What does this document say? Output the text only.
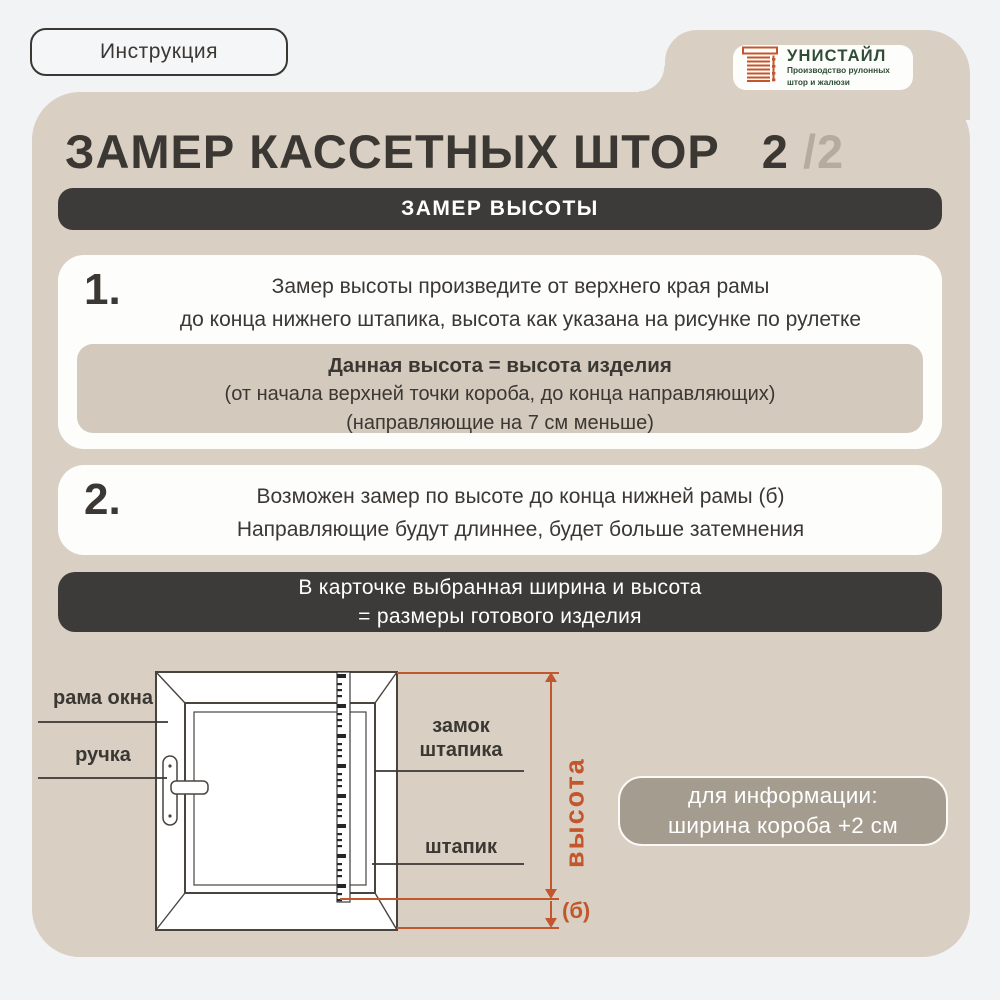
Инструкция	УНИСТАЙЛ
Производство рулонных
штор и жалюзи
ЗАМЕР КАССЕТНЫХ ШТОР 2 /2
ЗАМЕР ВЫСОТЫ
1.	Замер высоты произведите от верхнего края рамы
до конца нижнего штапика, высота как указана на рисунке по рулетке
Данная высота = высота изделия
(от начала верхней точки короба, до конца направляющих)
(направляющие на 7 см меньше)
2.	Возможен замер по высоте до конца нижней рамы (б)
Направляющие будут длиннее, будет больше затемнения
В карточке выбранная ширина и высота
= размеры готового изделия
рама окна
ручка
замок
штапика
штапик	высота
(б)
для информации:
ширина короба +2 см
